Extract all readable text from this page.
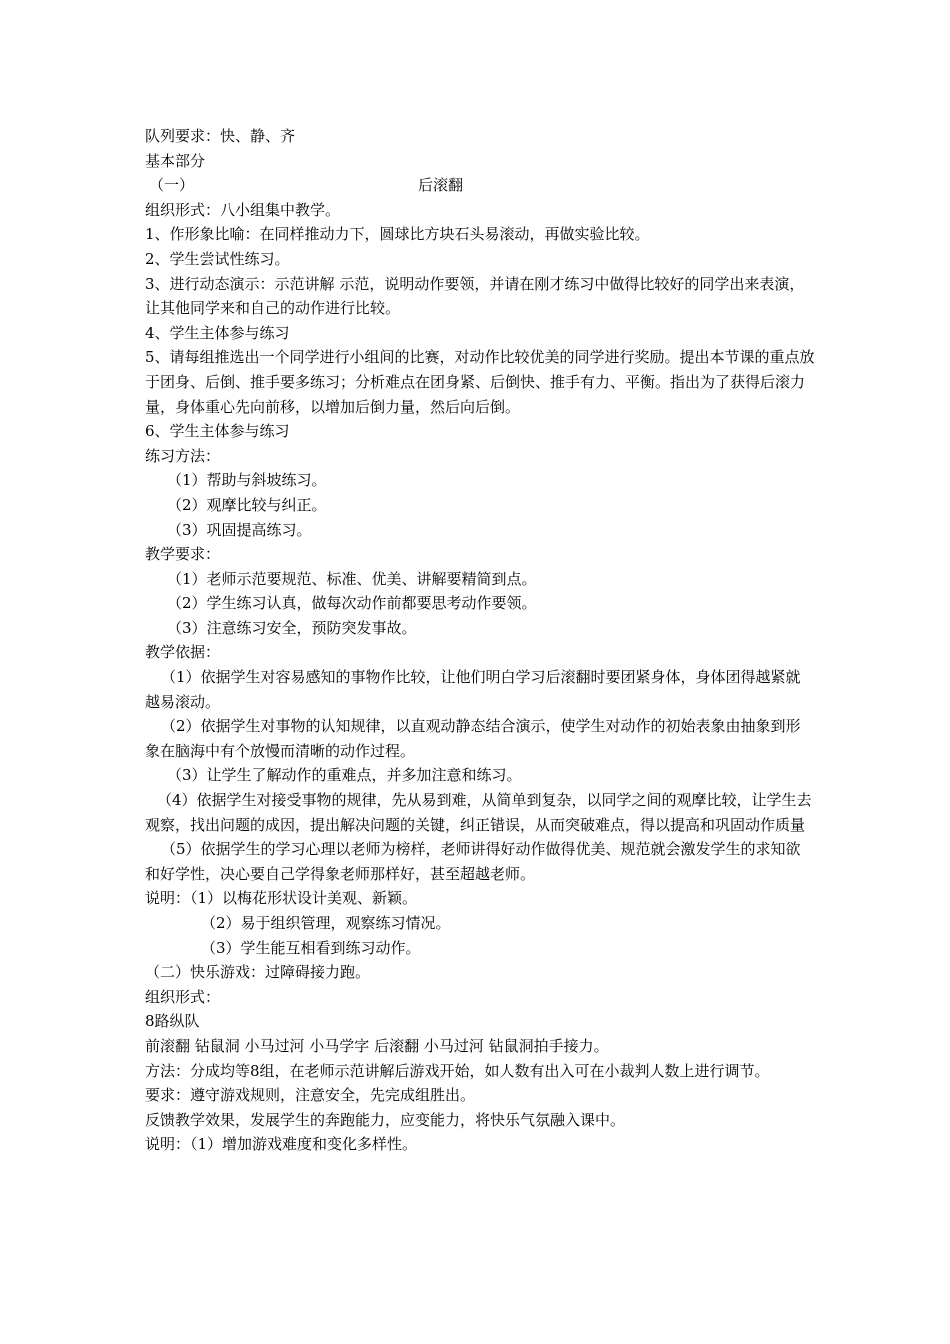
队列要求：快、静、齐

基本部分

（一）	后滚翻

组织形式：八小组集中教学。

1、作形象比喻：在同样推动力下，圆球比方块石头易滚动，再做实验比较。

2、学生尝试性练习。

3、进行动态演示：示范讲解 示范，说明动作要领，并请在刚才练习中做得比较好的同学出来表演，让其他同学来和自己的动作进行比较。

4、学生主体参与练习

5、请每组推选出一个同学进行小组间的比赛，对动作比较优美的同学进行奖励。提出本节课的重点放于团身、后倒、推手要多练习；分析难点在团身紧、后倒快、推手有力、平衡。指出为了获得后滚力量，身体重心先向前移，以增加后倒力量，然后向后倒。

6、学生主体参与练习

练习方法：

（1）帮助与斜坡练习。

（2）观摩比较与纠正。

（3）巩固提高练习。

教学要求：

（1）老师示范要规范、标准、优美、讲解要精简到点。

（2）学生练习认真，做每次动作前都要思考动作要领。

（3）注意练习安全，预防突发事故。

教学依据：

（1）依据学生对容易感知的事物作比较，让他们明白学习后滚翻时要团紧身体，身体团得越紧就越易滚动。

（2）依据学生对事物的认知规律，以直观动静态结合演示，使学生对动作的初始表象由抽象到形象在脑海中有个放慢而清晰的动作过程。

（3）让学生了解动作的重难点，并多加注意和练习。

（4）依据学生对接受事物的规律，先从易到难，从简单到复杂，以同学之间的观摩比较，让学生去观察，找出问题的成因，提出解决问题的关键，纠正错误，从而突破难点，得以提高和巩固动作质量

（5）依据学生的学习心理以老师为榜样，老师讲得好动作做得优美、规范就会激发学生的求知欲和好学性，决心要自己学得象老师那样好，甚至超越老师。

说明：（1）以梅花形状设计美观、新颖。

（2）易于组织管理，观察练习情况。

（3）学生能互相看到练习动作。

（二）快乐游戏：过障碍接力跑。

组织形式：

8路纵队

前滚翻 钻鼠洞 小马过河 小马学字 后滚翻 小马过河 钻鼠洞拍手接力。

方法：分成均等8组，在老师示范讲解后游戏开始，如人数有出入可在小裁判人数上进行调节。

要求：遵守游戏规则，注意安全，先完成组胜出。

反馈教学效果，发展学生的奔跑能力，应变能力，将快乐气氛融入课中。

说明：（1）增加游戏难度和变化多样性。
